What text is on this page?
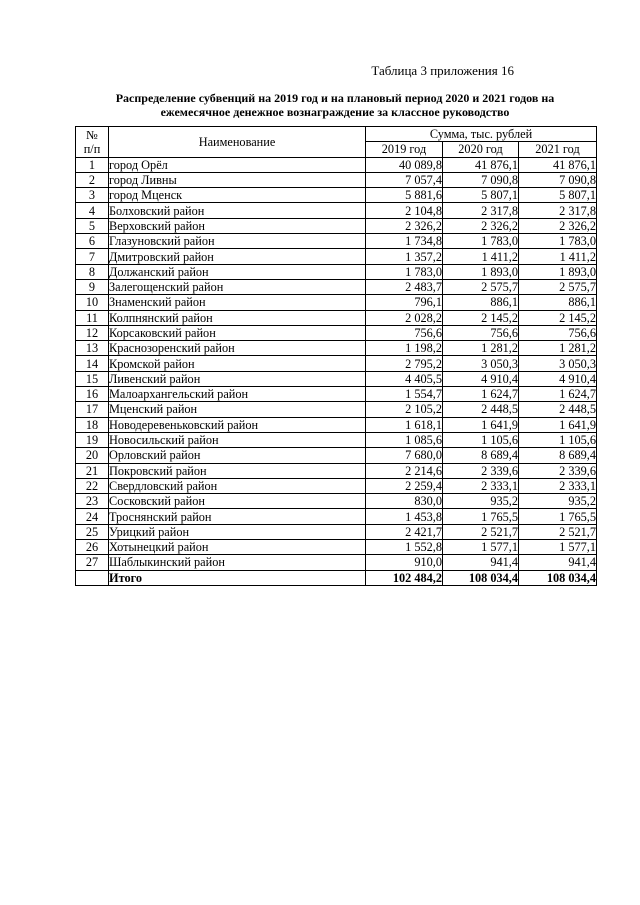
Таблица 3 приложения 16
Распределение субвенций на 2019 год и на плановый период 2020 и 2021 годов на
ежемесячное денежное вознаграждение за классное руководство
№
п/п	Наименование	Сумма, тыс. рублей		
		2019 год	2020 год	2021 год
1	город Орёл	40 089,8	41 876,1	41 876,1
2	город Ливны	7 057,4	7 090,8	7 090,8
3	город Мценск	5 881,6	5 807,1	5 807,1
4	Болховский район	2 104,8	2 317,8	2 317,8
5	Верховский район	2 326,2	2 326,2	2 326,2
6	Глазуновский район	1 734,8	1 783,0	1 783,0
7	Дмитровский район	1 357,2	1 411,2	1 411,2
8	Должанский район	1 783,0	1 893,0	1 893,0
9	Залегощенский район	2 483,7	2 575,7	2 575,7
10	Знаменский район	796,1	886,1	886,1
11	Колпнянский район	2 028,2	2 145,2	2 145,2
12	Корсаковский район	756,6	756,6	756,6
13	Краснозоренский район	1 198,2	1 281,2	1 281,2
14	Кромской район	2 795,2	3 050,3	3 050,3
15	Ливенский район	4 405,5	4 910,4	4 910,4
16	Малоархангельский район	1 554,7	1 624,7	1 624,7
17	Мценский район	2 105,2	2 448,5	2 448,5
18	Новодеревеньковский район	1 618,1	1 641,9	1 641,9
19	Новосильский район	1 085,6	1 105,6	1 105,6
20	Орловский район	7 680,0	8 689,4	8 689,4
21	Покровский район	2 214,6	2 339,6	2 339,6
22	Свердловский район	2 259,4	2 333,1	2 333,1
23	Сосковский район	830,0	935,2	935,2
24	Троснянский район	1 453,8	1 765,5	1 765,5
25	Урицкий район	2 421,7	2 521,7	2 521,7
26	Хотынецкий район	1 552,8	1 577,1	1 577,1
27	Шаблыкинский район	910,0	941,4	941,4
	Итого	102 484,2	108 034,4	108 034,4
